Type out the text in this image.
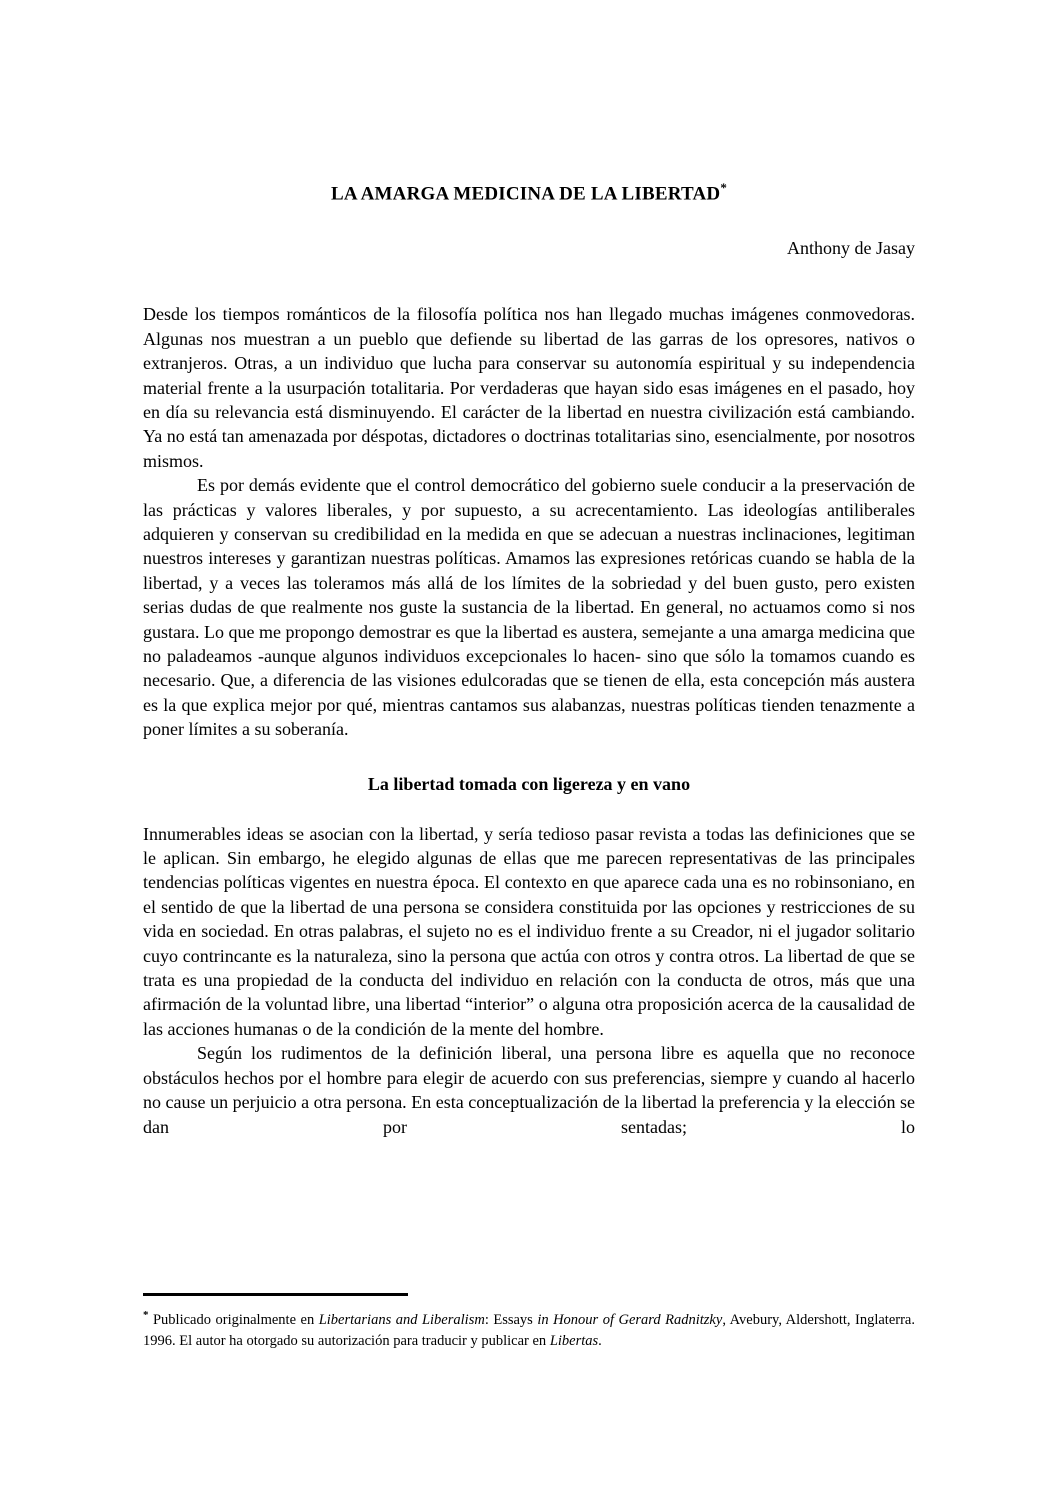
LA AMARGA MEDICINA DE LA LIBERTAD*
Anthony de Jasay

Desde los tiempos románticos de la filosofía política nos han llegado muchas imágenes conmovedoras. Algunas nos muestran a un pueblo que defiende su libertad de las garras de los opresores, nativos o extranjeros. Otras, a un individuo que lucha para conservar su autonomía espiritual y su independencia material frente a la usurpación totalitaria. Por verdaderas que hayan sido esas imágenes en el pasado, hoy en día su relevancia está disminuyendo. El carácter de la libertad en nuestra civilización está cambiando. Ya no está tan amenazada por déspotas, dictadores o doctrinas totalitarias sino, esencialmente, por nosotros mismos.

Es por demás evidente que el control democrático del gobierno suele conducir a la preservación de las prácticas y valores liberales, y por supuesto, a su acrecentamiento. Las ideologías antiliberales adquieren y conservan su credibilidad en la medida en que se adecuan a nuestras inclinaciones, legitiman nuestros intereses y garantizan nuestras políticas. Amamos las expresiones retóricas cuando se habla de la libertad, y a veces las toleramos más allá de los límites de la sobriedad y del buen gusto, pero existen serias dudas de que realmente nos guste la sustancia de la libertad. En general, no actuamos como si nos gustara. Lo que me propongo demostrar es que la libertad es austera, semejante a una amarga medicina que no paladeamos -aunque algunos individuos excepcionales lo hacen- sino que sólo la tomamos cuando es necesario. Que, a diferencia de las visiones edulcoradas que se tienen de ella, esta concepción más austera es la que explica mejor por qué, mientras cantamos sus alabanzas, nuestras políticas tienden tenazmente a poner límites a su soberanía.

La libertad tomada con ligereza y en vano

Innumerables ideas se asocian con la libertad, y sería tedioso pasar revista a todas las definiciones que se le aplican. Sin embargo, he elegido algunas de ellas que me parecen representativas de las principales tendencias políticas vigentes en nuestra época. El contexto en que aparece cada una es no robinsoniano, en el sentido de que la libertad de una persona se considera constituida por las opciones y restricciones de su vida en sociedad. En otras palabras, el sujeto no es el individuo frente a su Creador, ni el jugador solitario cuyo contrincante es la naturaleza, sino la persona que actúa con otros y contra otros. La libertad de que se trata es una propiedad de la conducta del individuo en relación con la conducta de otros, más que una afirmación de la voluntad libre, una libertad “interior” o alguna otra proposición acerca de la causalidad de las acciones humanas o de la condición de la mente del hombre.

Según los rudimentos de la definición liberal, una persona libre es aquella que no reconoce obstáculos hechos por el hombre para elegir de acuerdo con sus preferencias, siempre y cuando al hacerlo no cause un perjuicio a otra persona. En esta conceptualización de la libertad la preferencia y la elección se dan por sentadas; lo

* Publicado originalmente en Libertarians and Liberalism: Essays in Honour of Gerard Radnitzky, Avebury, Aldershott, Inglaterra. 1996. El autor ha otorgado su autorización para traducir y publicar en Libertas.
